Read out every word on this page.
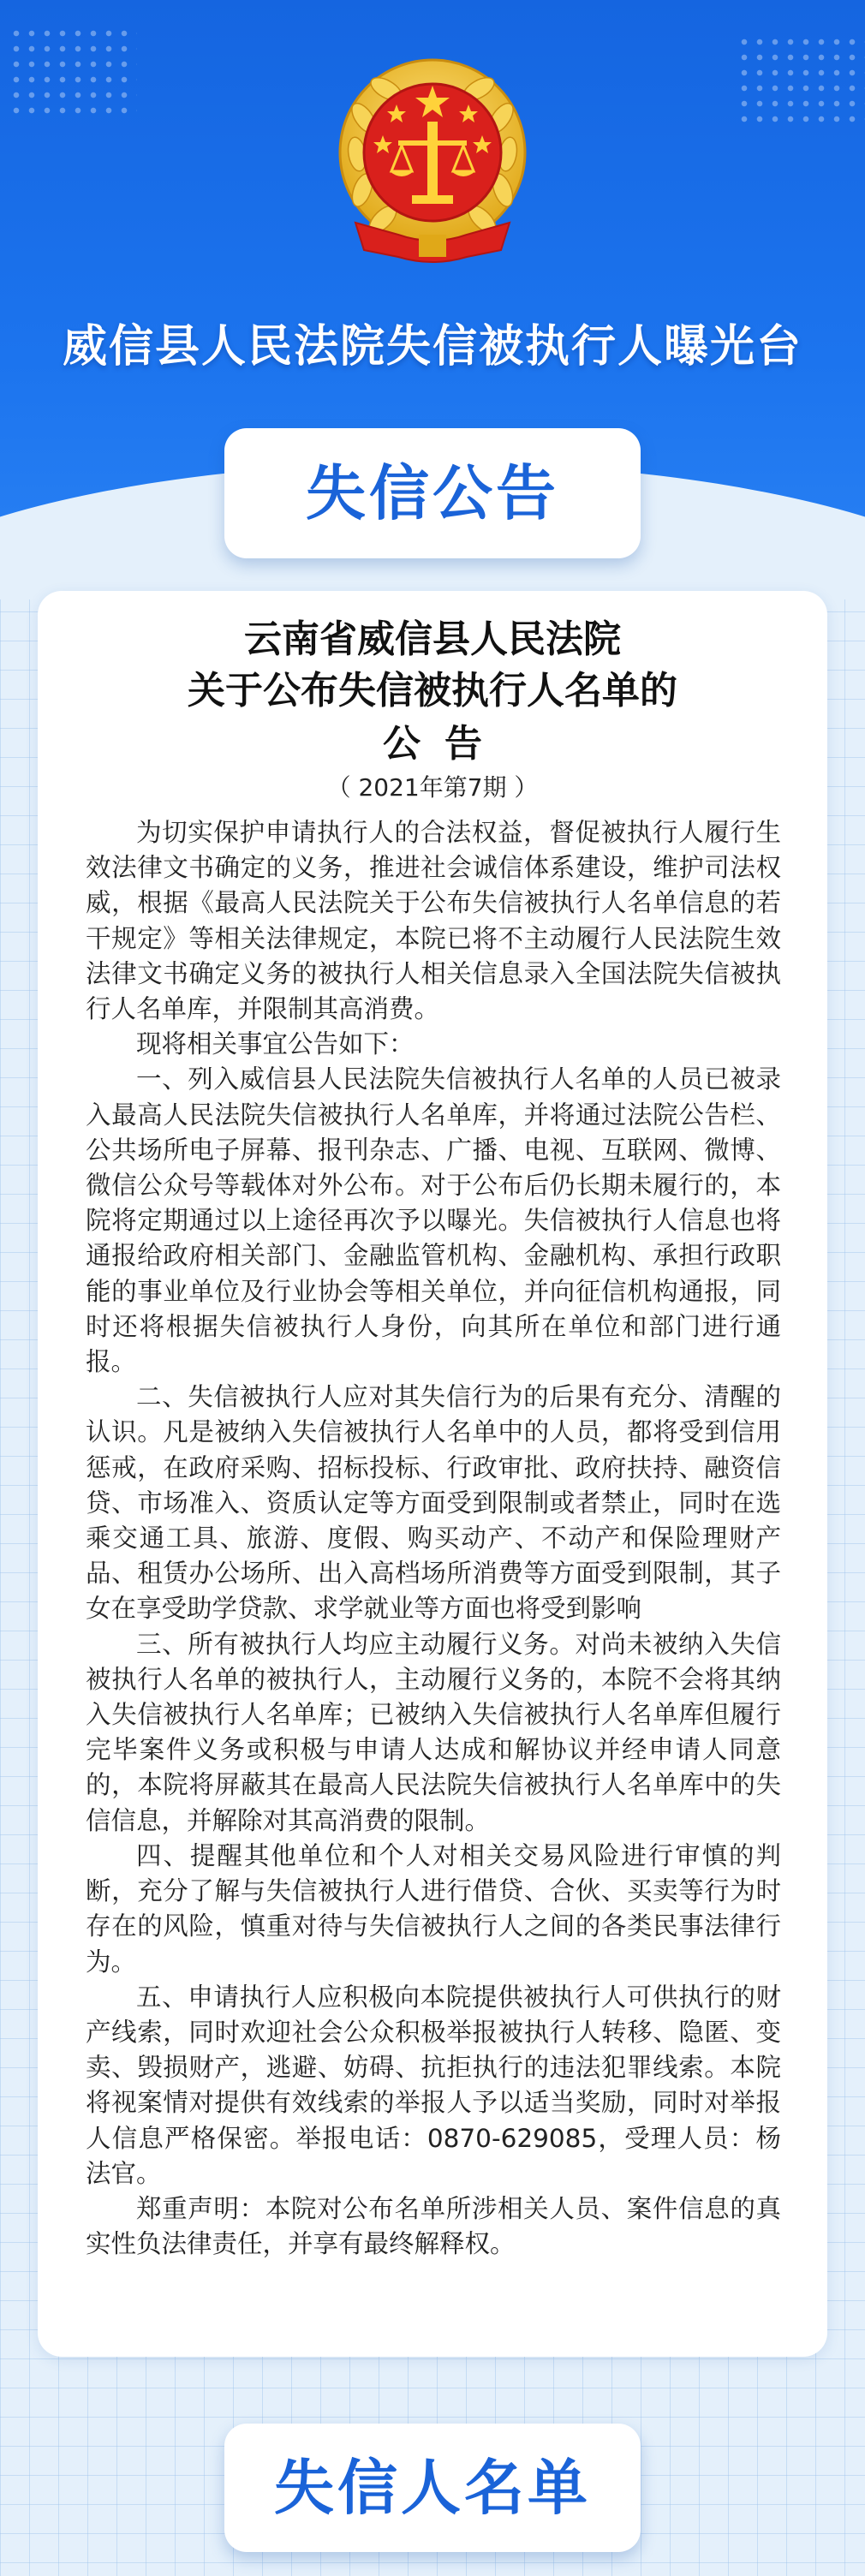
威信县人民法院失信被执行人曝光台
失信公告
云南省威信县人民法院
关于公布失信被执行人名单的
公告
（ 2021年第7期 ）

为切实保护申请执行人的合法权益，督促被执行人履行生效法律文书确定的义务，推进社会诚信体系建设，维护司法权威，根据《最高人民法院关于公布失信被执行人名单信息的若干规定》等相关法律规定，本院已将不主动履行人民法院生效法律文书确定义务的被执行人相关信息录入全国法院失信被执行人名单库，并限制其高消费。

现将相关事宜公告如下：

一、列入威信县人民法院失信被执行人名单的人员已被录入最高人民法院失信被执行人名单库，并将通过法院公告栏、公共场所电子屏幕、报刊杂志、广播、电视、互联网、微博、微信公众号等载体对外公布。对于公布后仍长期未履行的，本院将定期通过以上途径再次予以曝光。失信被执行人信息也将通报给政府相关部门、金融监管机构、金融机构、承担行政职能的事业单位及行业协会等相关单位，并向征信机构通报，同时还将根据失信被执行人身份，向其所在单位和部门进行通报。

二、失信被执行人应对其失信行为的后果有充分、清醒的认识。凡是被纳入失信被执行人名单中的人员，都将受到信用惩戒，在政府采购、招标投标、行政审批、政府扶持、融资信贷、市场准入、资质认定等方面受到限制或者禁止，同时在选乘交通工具、旅游、度假、购买动产、不动产和保险理财产品、租赁办公场所、出入高档场所消费等方面受到限制，其子女在享受助学贷款、求学就业等方面也将受到影响

三、所有被执行人均应主动履行义务。对尚未被纳入失信被执行人名单的被执行人，主动履行义务的，本院不会将其纳入失信被执行人名单库；已被纳入失信被执行人名单库但履行完毕案件义务或积极与申请人达成和解协议并经申请人同意的，本院将屏蔽其在最高人民法院失信被执行人名单库中的失信信息，并解除对其高消费的限制。

四、提醒其他单位和个人对相关交易风险进行审慎的判断，充分了解与失信被执行人进行借贷、合伙、买卖等行为时存在的风险，慎重对待与失信被执行人之间的各类民事法律行为。

五、申请执行人应积极向本院提供被执行人可供执行的财产线索，同时欢迎社会公众积极举报被执行人转移、隐匿、变卖、毁损财产，逃避、妨碍、抗拒执行的违法犯罪线索。本院将视案情对提供有效线索的举报人予以适当奖励，同时对举报人信息严格保密。举报电话：0870-629085，受理人员：杨法官。

郑重声明：本院对公布名单所涉相关人员、案件信息的真实性负法律责任，并享有最终解释权。

失信人名单
